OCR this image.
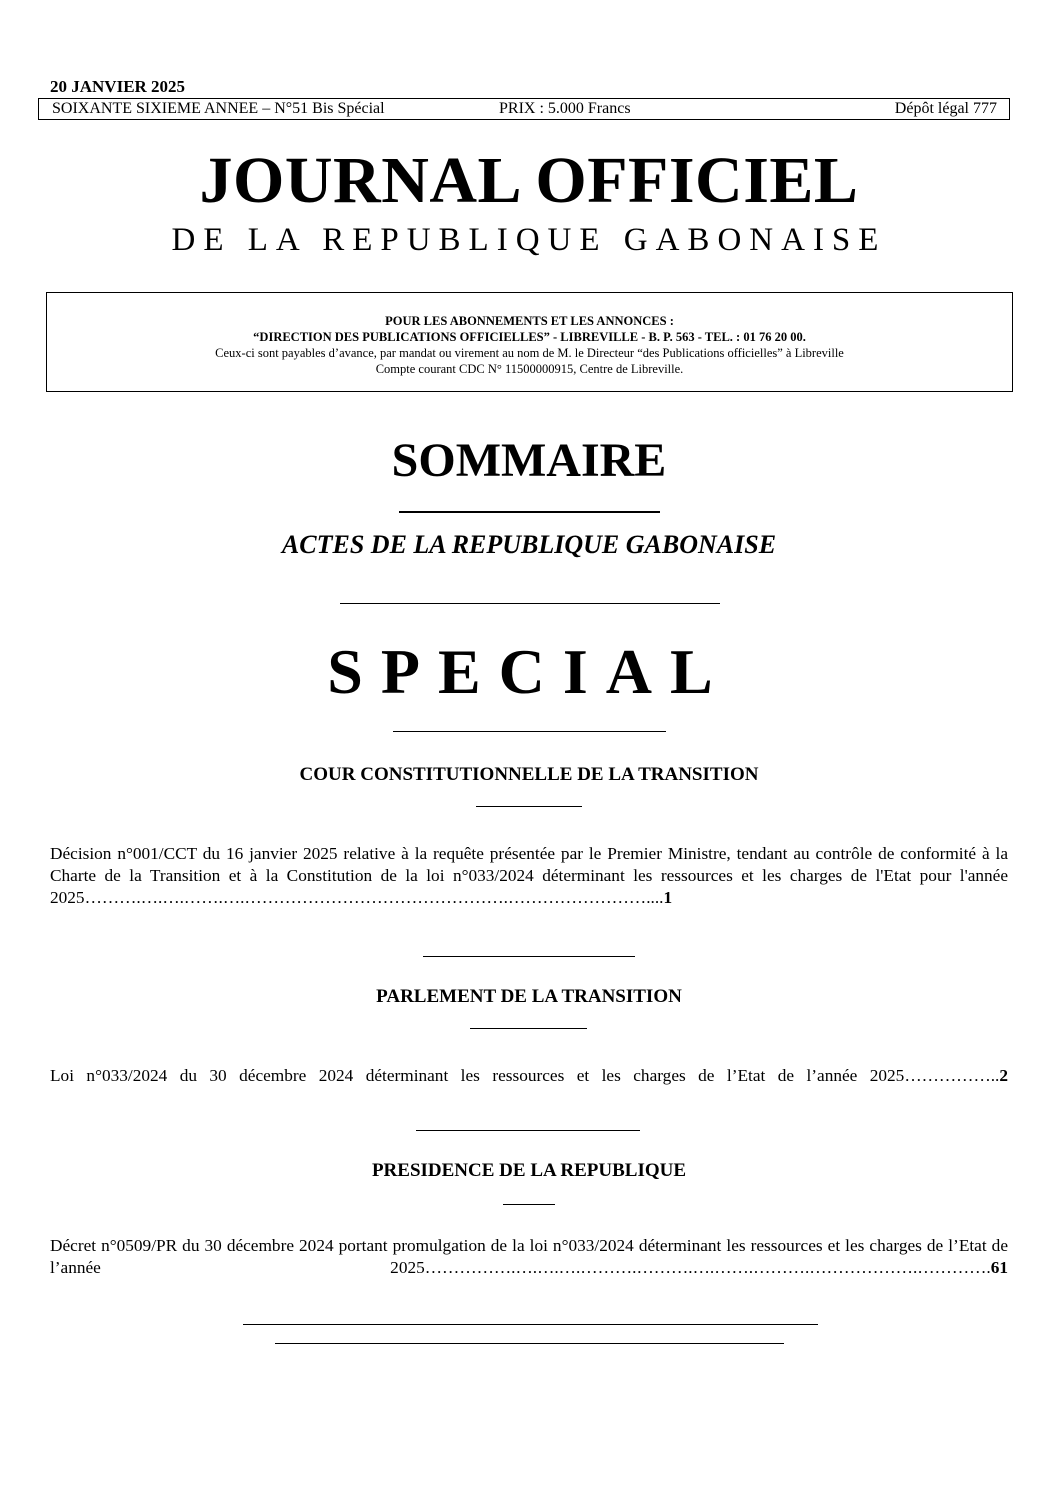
20 JANVIER 2025
SOIXANTE SIXIEME ANNEE – N°51 Bis Spécial	PRIX : 5.000 Francs	Dépôt légal 777
JOURNAL OFFICIEL
DE LA REPUBLIQUE GABONAISE
POUR LES ABONNEMENTS ET LES ANNONCES :
“DIRECTION DES PUBLICATIONS OFFICIELLES” - LIBREVILLE - B. P. 563 - TEL. : 01 76 20 00.
Ceux-ci sont payables d’avance, par mandat ou virement au nom de M. le Directeur “des Publications officielles” à Libreville
Compte courant CDC N° 11500000915, Centre de Libreville.
SOMMAIRE
ACTES DE LA REPUBLIQUE GABONAISE
SPECIAL
COUR CONSTITUTIONNELLE DE LA TRANSITION
Décision n°001/CCT du 16 janvier 2025 relative à la requête présentée par le Premier Ministre, tendant au contrôle de conformité à la Charte de la Transition et à la Constitution de la loi n°033/2024 déterminant les ressources et les charges de l'Etat pour l'année 2025……….….….…….….……………………………………….……………………....1
PARLEMENT DE LA TRANSITION
Loi n°033/2024 du 30 décembre 2024 déterminant les ressources et les charges de l’Etat de l’année 2025……………..2
PRESIDENCE DE LA REPUBLIQUE
Décret n°0509/PR du 30 décembre 2024 portant promulgation de la loi n°033/2024 déterminant les ressources et les charges de l’Etat de l’année 2025…………….….….….……….……….….…….……….……………….………….61
